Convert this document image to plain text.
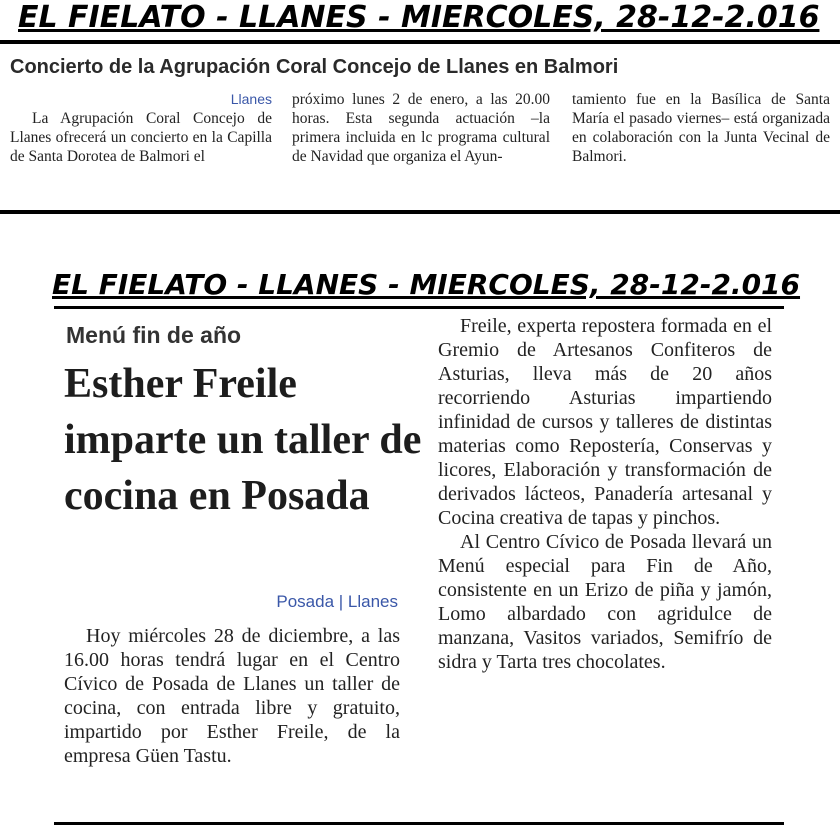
EL FIELATO - LLANES - MIERCOLES, 28-12-2.016
Concierto de la Agrupación Coral Concejo de Llanes en Balmori
Llanes

La Agrupación Coral Concejo de Llanes ofrecerá un concierto en la Capilla de Santa Dorotea de Balmori el

próximo lunes 2 de enero, a las 20.00 horas. Esta segunda actuación –la primera incluida en lc programa cultural de Navidad que organiza el Ayun-

tamiento fue en la Basílica de Santa María el pasado viernes– está organizada en colaboración con la Junta Vecinal de Balmori.

EL FIELATO - LLANES - MIERCOLES, 28-12-2.016
Menú fin de año
Esther Freile imparte un taller de cocina en Posada
Posada | Llanes

Hoy miércoles 28 de diciembre, a las 16.00 horas tendrá lugar en el Centro Cívico de Posada de Llanes un taller de cocina, con entrada libre y gratuito, impartido por Esther Freile, de la empresa Güen Tastu.

Freile, experta repostera formada en el Gremio de Artesanos Confiteros de Asturias, lleva más de 20 años recorriendo Asturias impartiendo infinidad de cursos y talleres de distintas materias como Repostería, Conservas y licores, Elaboración y transformación de derivados lácteos, Panadería artesanal y Cocina creativa de tapas y pinchos.

Al Centro Cívico de Posada llevará un Menú especial para Fin de Año, consistente en un Erizo de piña y jamón, Lomo albardado con agridulce de manzana, Vasitos variados, Semifrío de sidra y Tarta tres chocolates.
